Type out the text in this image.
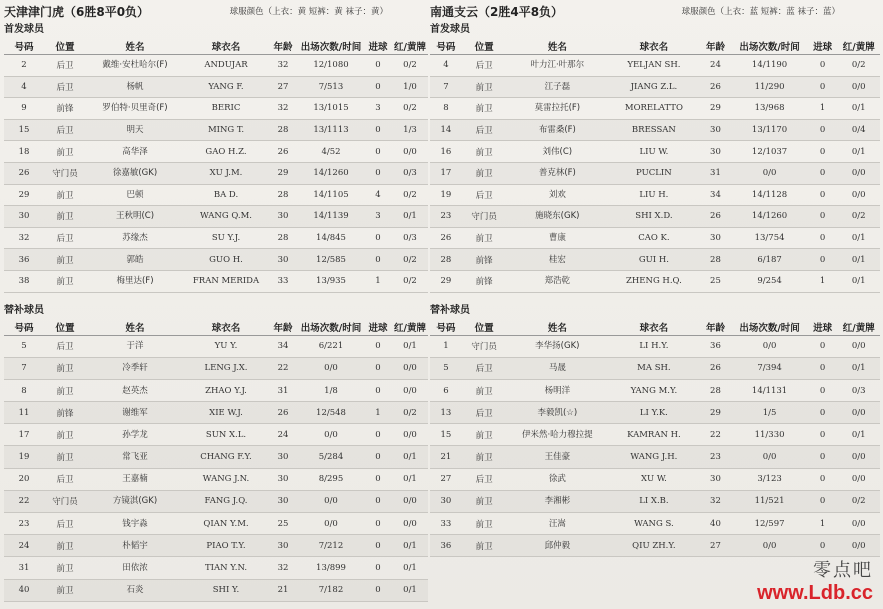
天津津门虎（6胜8平0负）	球服颜色（上衣：黄 短裤：黄 袜子：黄）
首发球员
号码	位置	姓名	球衣名	年龄	出场次数/时间	进球	红/黄牌
2	后卫	戴维·安杜哈尔(F)	ANDUJAR	32	12/1080	0	0/2
4	后卫	杨帆	YANG F.	27	7/513	0	1/0
9	前锋	罗伯特·贝里奇(F)	BERIC	32	13/1015	3	0/2
15	后卫	明天	MING T.	28	13/1113	0	1/3
18	前卫	高华泽	GAO H.Z.	26	4/52	0	0/0
26	守门员	徐嘉敏(GK)	XU J.M.	29	14/1260	0	0/3
29	前卫	巴顿	BA D.	28	14/1105	4	0/2
30	前卫	王秋明(C)	WANG Q.M.	30	14/1139	3	0/1
32	后卫	苏缘杰	SU Y.J.	28	14/845	0	0/3
36	前卫	郭皓	GUO H.	30	12/585	0	0/2
38	前卫	梅里达(F)	FRAN MERIDA	33	13/935	1	0/2
替补球员
号码	位置	姓名	球衣名	年龄	出场次数/时间	进球	红/黄牌
5	后卫	于洋	YU Y.	34	6/221	0	0/1
7	前卫	冷季轩	LENG J.X.	22	0/0	0	0/0
8	前卫	赵英杰	ZHAO Y.J.	31	1/8	0	0/0
11	前锋	谢维军	XIE W.J.	26	12/548	1	0/2
17	前卫	孙学龙	SUN X.L.	24	0/0	0	0/0
19	前卫	常飞亚	CHANG F.Y.	30	5/284	0	0/1
20	后卫	王嘉楠	WANG J.N.	30	8/295	0	0/1
22	守门员	方镜淇(GK)	FANG J.Q.	30	0/0	0	0/0
23	后卫	钱宇淼	QIAN Y.M.	25	0/0	0	0/0
24	前卫	朴韬宇	PIAO T.Y.	30	7/212	0	0/1
31	前卫	田依浓	TIAN Y.N.	32	13/899	0	0/1
40	前卫	石炎	SHI Y.	21	7/182	0	0/1
南通支云（2胜4平8负）	球服颜色（上衣：蓝 短裤：蓝 袜子：蓝）
首发球员
号码	位置	姓名	球衣名	年龄	出场次数/时间	进球	红/黄牌
4	后卫	叶力江·叶那尔	YELJAN SH.	24	14/1190	0	0/2
7	前卫	江子磊	JIANG Z.L.	26	11/290	0	0/0
8	前卫	莫雷拉托(F)	MORELATTO	29	13/968	1	0/1
14	后卫	布雷桑(F)	BRESSAN	30	13/1170	0	0/4
16	前卫	刘伟(C)	LIU W.	30	12/1037	0	0/1
17	前卫	普克林(F)	PUCLIN	31	0/0	0	0/0
19	后卫	刘欢	LIU H.	34	14/1128	0	0/0
23	守门员	施晓东(GK)	SHI X.D.	26	14/1260	0	0/2
26	前卫	曹康	CAO K.	30	13/754	0	0/1
28	前锋	桂宏	GUI H.	28	6/187	0	0/1
29	前锋	郑浩乾	ZHENG H.Q.	25	9/254	1	0/1
替补球员
号码	位置	姓名	球衣名	年龄	出场次数/时间	进球	红/黄牌
1	守门员	李华扬(GK)	LI H.Y.	36	0/0	0	0/0
5	后卫	马晟	MA SH.	26	7/394	0	0/1
6	前卫	杨明洋	YANG M.Y.	28	14/1131	0	0/3
13	后卫	李毅凯(☆)	LI Y.K.	29	1/5	0	0/0
15	前卫	伊米然·哈力穆拉提	KAMRAN H.	22	11/330	0	0/1
21	前卫	王佳豪	WANG J.H.	23	0/0	0	0/0
27	后卫	徐武	XU W.	30	3/123	0	0/0
30	前卫	李湘彬	LI X.B.	32	11/521	0	0/2
33	前卫	汪嵩	WANG S.	40	12/597	1	0/0
36	前卫	邱仲毅	QIU ZH.Y.	27	0/0	0	0/0
零点吧
www.Ldb.cc
